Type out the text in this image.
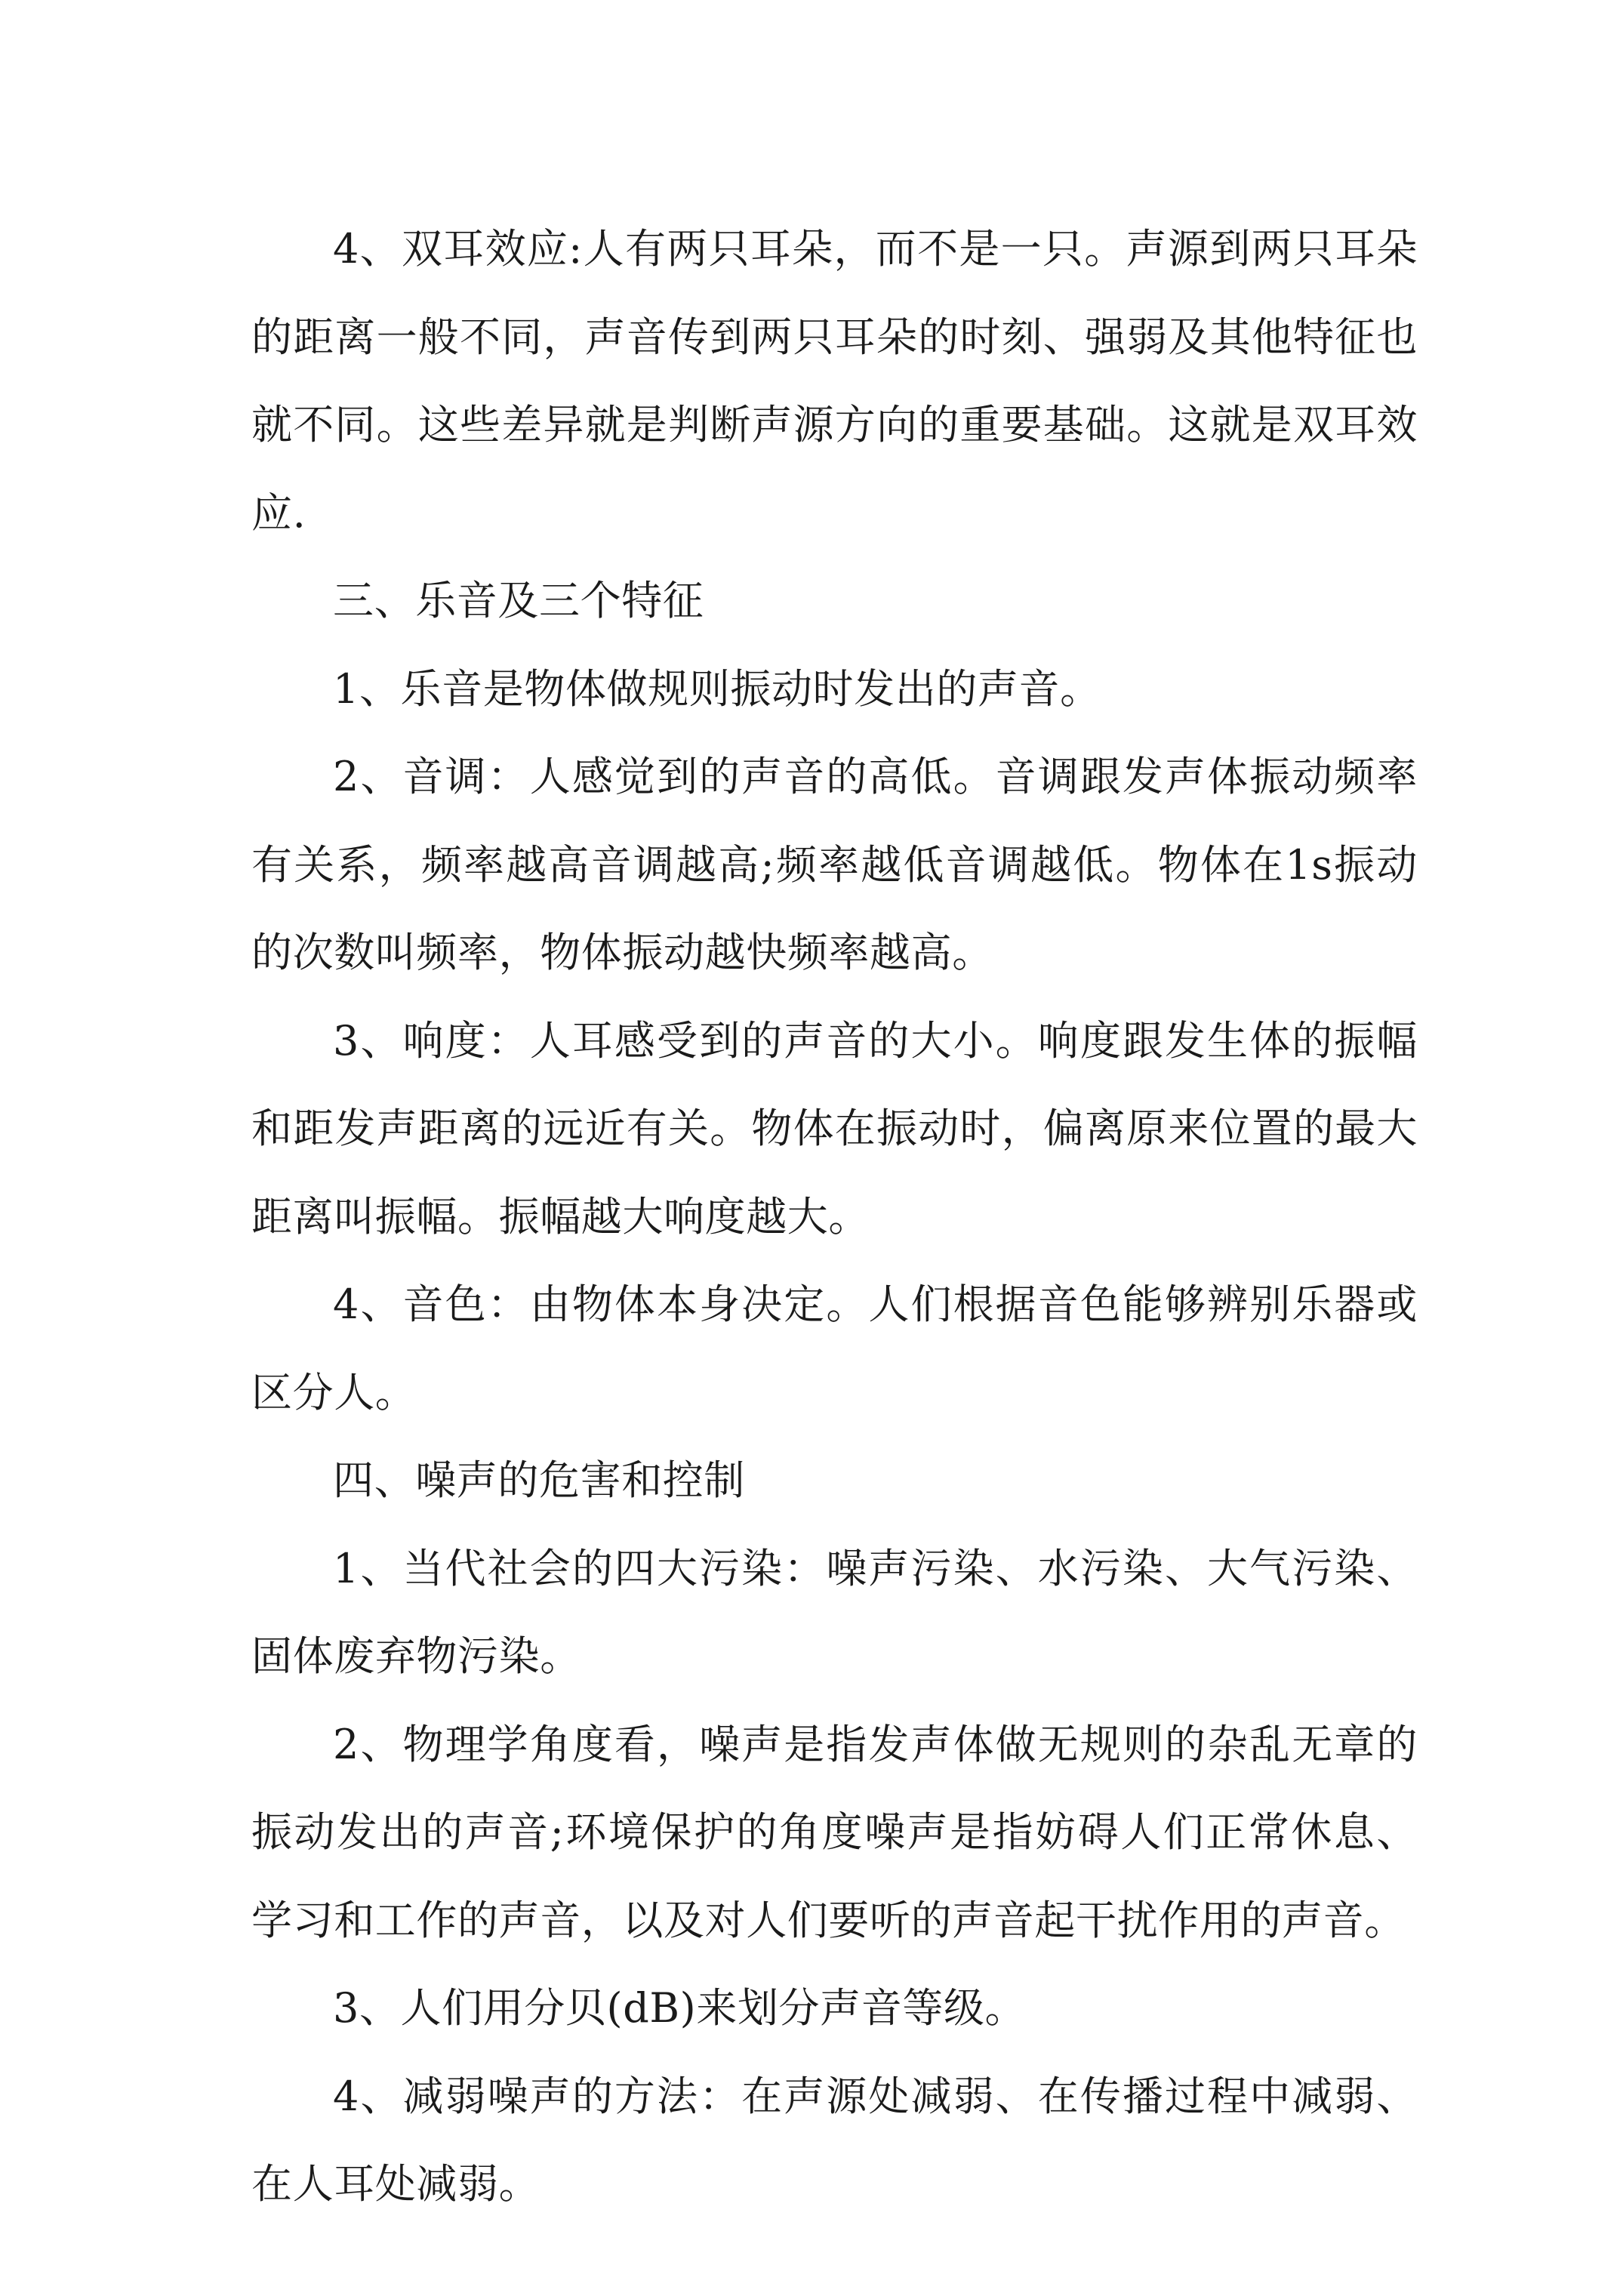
4、双耳效应:人有两只耳朵，而不是一只。声源到两只耳朵的距离一般不同，声音传到两只耳朵的时刻、强弱及其他特征也就不同。这些差异就是判断声源方向的重要基础。这就是双耳效应.

三、乐音及三个特征

1、乐音是物体做规则振动时发出的声音。

2、音调：人感觉到的声音的高低。音调跟发声体振动频率有关系，频率越高音调越高;频率越低音调越低。物体在1s振动的次数叫频率，物体振动越快频率越高。

3、响度：人耳感受到的声音的大小。响度跟发生体的振幅和距发声距离的远近有关。物体在振动时，偏离原来位置的最大距离叫振幅。振幅越大响度越大。

4、音色：由物体本身决定。人们根据音色能够辨别乐器或区分人。

四、噪声的危害和控制

1、当代社会的四大污染：噪声污染、水污染、大气污染、固体废弃物污染。

2、物理学角度看，噪声是指发声体做无规则的杂乱无章的振动发出的声音;环境保护的角度噪声是指妨碍人们正常休息、学习和工作的声音，以及对人们要听的声音起干扰作用的声音。

3、人们用分贝(dB)来划分声音等级。

4、减弱噪声的方法：在声源处减弱、在传播过程中减弱、在人耳处减弱。
